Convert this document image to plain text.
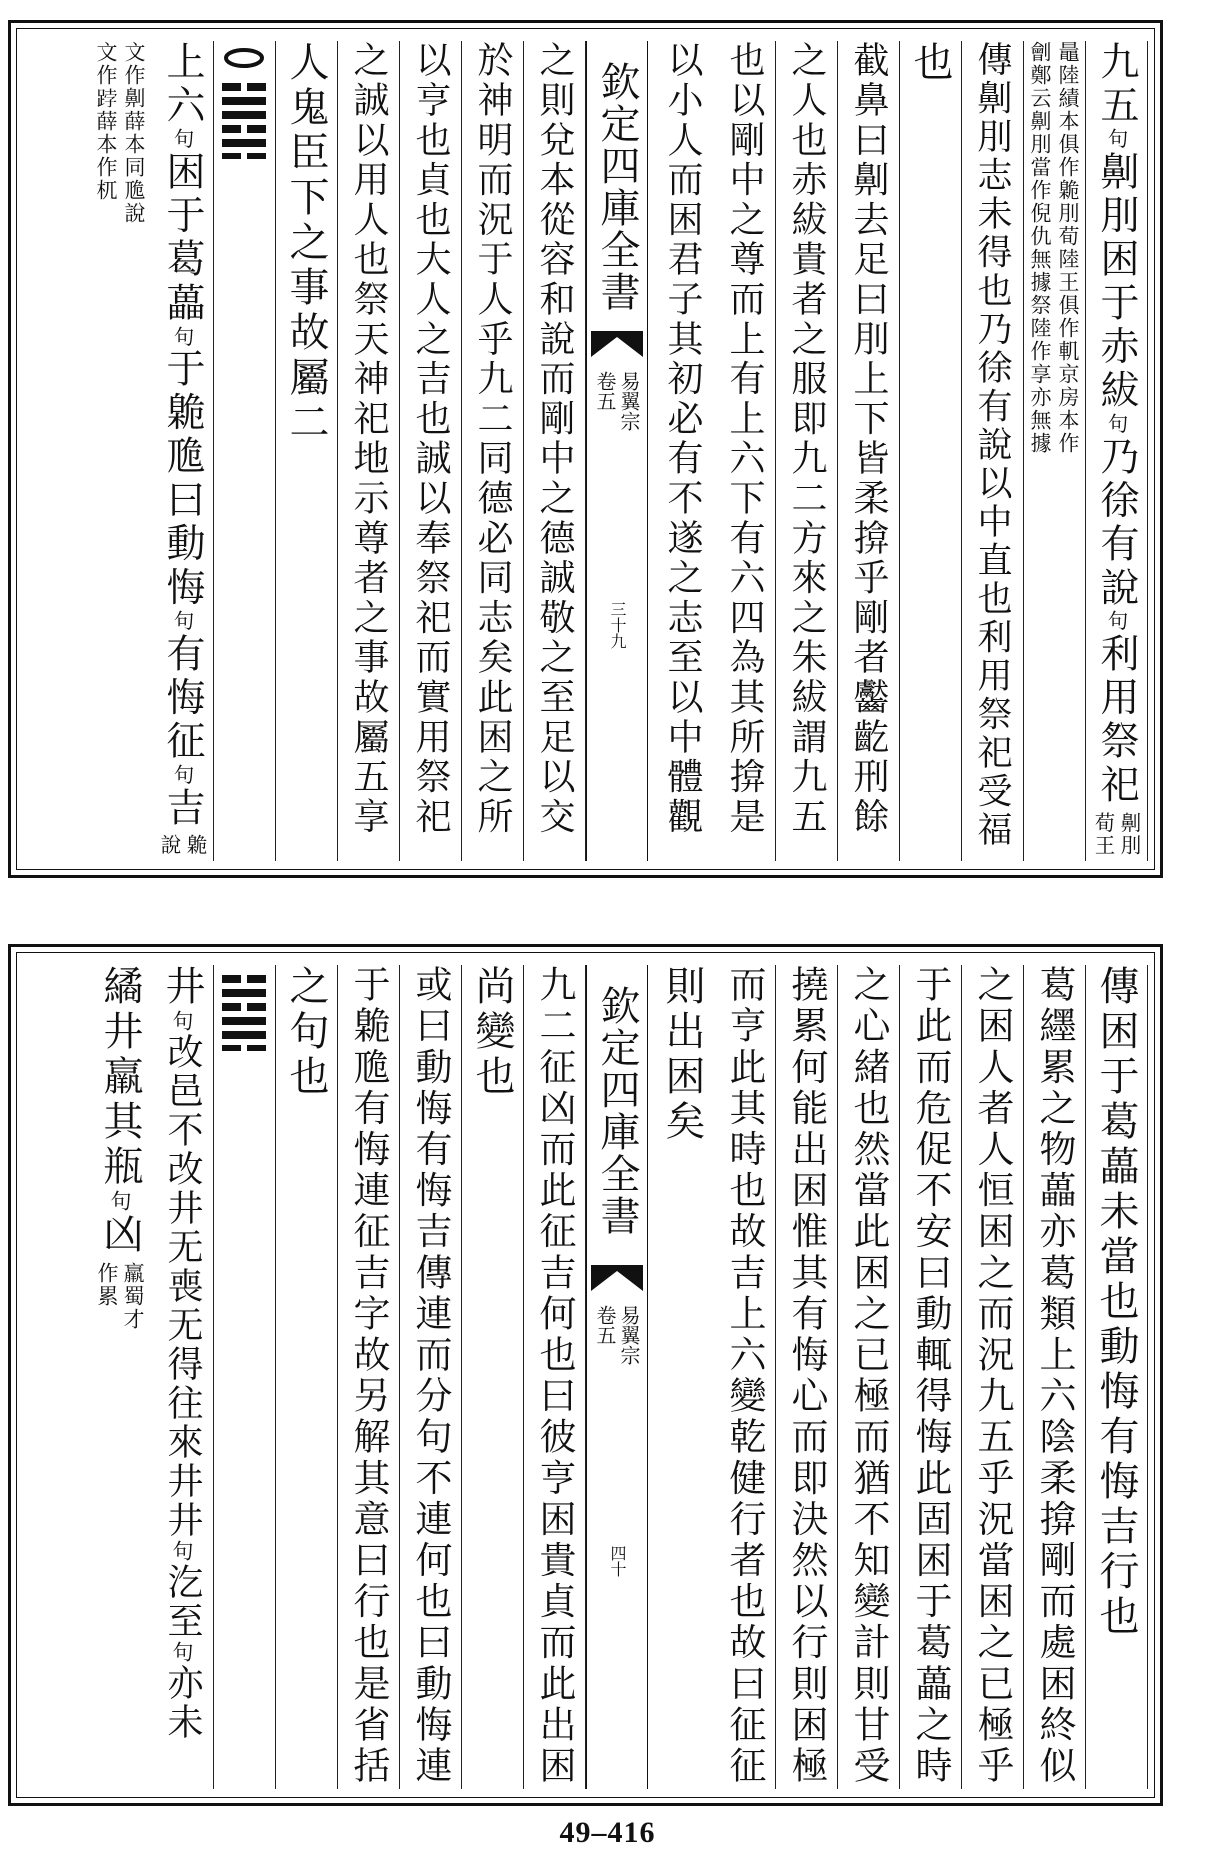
九五
句
劓刖困于赤紱
句
乃徐有說
句
利用祭祀
劓刖
荀王
鼂陸績本俱作臲刖荀陸王俱作䡄京房本作
劊鄭云劓刖當作倪仇無據祭陸作享亦無據
傳劓刖志未得也乃徐有說以中直也利用祭祀受福
也
截鼻曰劓去足曰刖上下皆柔揜乎剛者齾齕刑餘
之人也赤紱貴者之服即九二方來之朱紱謂九五
也以剛中之尊而上有上六下有六四為其所揜是
以小人而困君子其初必有不遂之志至以中體觀
欽定四庫全書
易翼宗
卷五
三十九
之則兌本從容和說而剛中之德誠敬之至足以交
於神明而況于人乎九二同德必同志矣此困之所
以亨也貞也大人之吉也誠以奉祭祀而實用祭祀
之誠以用人也祭天神祀地示尊者之事故屬五享
人鬼臣下之事故屬二
上六
句
困于葛藟
句
于臲卼曰動悔
句
有悔征
句
吉
臲
說
文作劓薛本同卼說
文作𨁝薛本作杌
傳困于葛藟未當也動悔有悔吉行也
葛纆累之物藟亦葛類上六陰柔揜剛而處困終似
之困人者人恒困之而況九五乎況當困之已極乎
于此而危促不安曰動輒得悔此固困于葛藟之時
之心緒也然當此困之已極而猶不知變計則甘受
撓累何能出困惟其有悔心而即決然以行則困極
而亨此其時也故吉上六變乾健行者也故曰征征
則出困矣
欽定四庫全書
易翼宗
卷五
四十
九二征凶而此征吉何也曰彼亨困貴貞而此出困
尚變也
或曰動悔有悔吉傳連而分句不連何也曰動悔連
于臲卼有悔連征吉字故另解其意曰行也是省括
之句也
井
句
改邑不改井无喪无得往來井井
句
汔至
句
亦未
繘井羸其瓶
句
凶
羸蜀才
作累
49–416
